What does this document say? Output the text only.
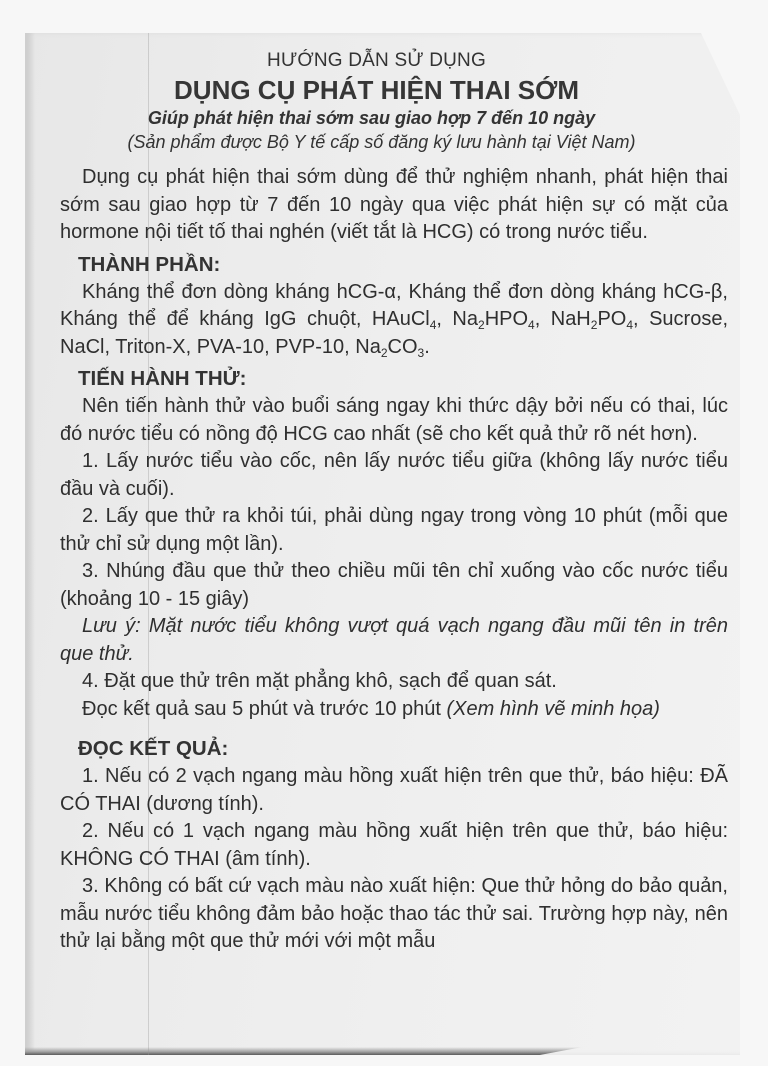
HƯỚNG DẪN SỬ DỤNG
DỤNG CỤ PHÁT HIỆN THAI SỚM
Giúp phát hiện thai sớm sau giao hợp 7 đến 10 ngày
(Sản phẩm được Bộ Y tế cấp số đăng ký lưu hành tại Việt Nam)

Dụng cụ phát hiện thai sớm dùng để thử nghiệm nhanh, phát hiện thai sớm sau giao hợp từ 7 đến 10 ngày qua việc phát hiện sự có mặt của hormone nội tiết tố thai nghén (viết tắt là HCG) có trong nước tiểu.

THÀNH PHẦN:

Kháng thể đơn dòng kháng hCG-α, Kháng thể đơn dòng kháng hCG-β, Kháng thể để kháng IgG chuột, HAuCl$_4$, $Na_2HPO_4$, $NaH_2PO_4$, Sucrose, NaCl, Triton-X, PVA-10, PVP-10, $Na_2CO_3$.

TIẾN HÀNH THỬ:

Nên tiến hành thử vào buổi sáng ngay khi thức dậy bởi nếu có thai, lúc đó nước tiểu có nồng độ HCG cao nhất (sẽ cho kết quả thử rõ nét hơn).

1. Lấy nước tiểu vào cốc, nên lấy nước tiểu giữa (không lấy nước tiểu đầu và cuối).

2. Lấy que thử ra khỏi túi, phải dùng ngay trong vòng 10 phút (mỗi que thử chỉ sử dụng một lần).

3. Nhúng đầu que thử theo chiều mũi tên chỉ xuống vào cốc nước tiểu (khoảng 10 - 15 giây)

Lưu ý: Mặt nước tiểu không vượt quá vạch ngang đầu mũi tên in trên que thử.

4. Đặt que thử trên mặt phẳng khô, sạch để quan sát.

Đọc kết quả sau 5 phút và trước 10 phút (Xem hình vẽ minh họa)

ĐỌC KẾT QUẢ:

1. Nếu có 2 vạch ngang màu hồng xuất hiện trên que thử, báo hiệu: ĐÃ CÓ THAI (dương tính).

2. Nếu có 1 vạch ngang màu hồng xuất hiện trên que thử, báo hiệu: KHÔNG CÓ THAI (âm tính).

3. Không có bất cứ vạch màu nào xuất hiện: Que thử hỏng do bảo quản, mẫu nước tiểu không đảm bảo hoặc thao tác thử sai. Trường hợp này, nên thử lại bằng một que thử mới với một mẫu
